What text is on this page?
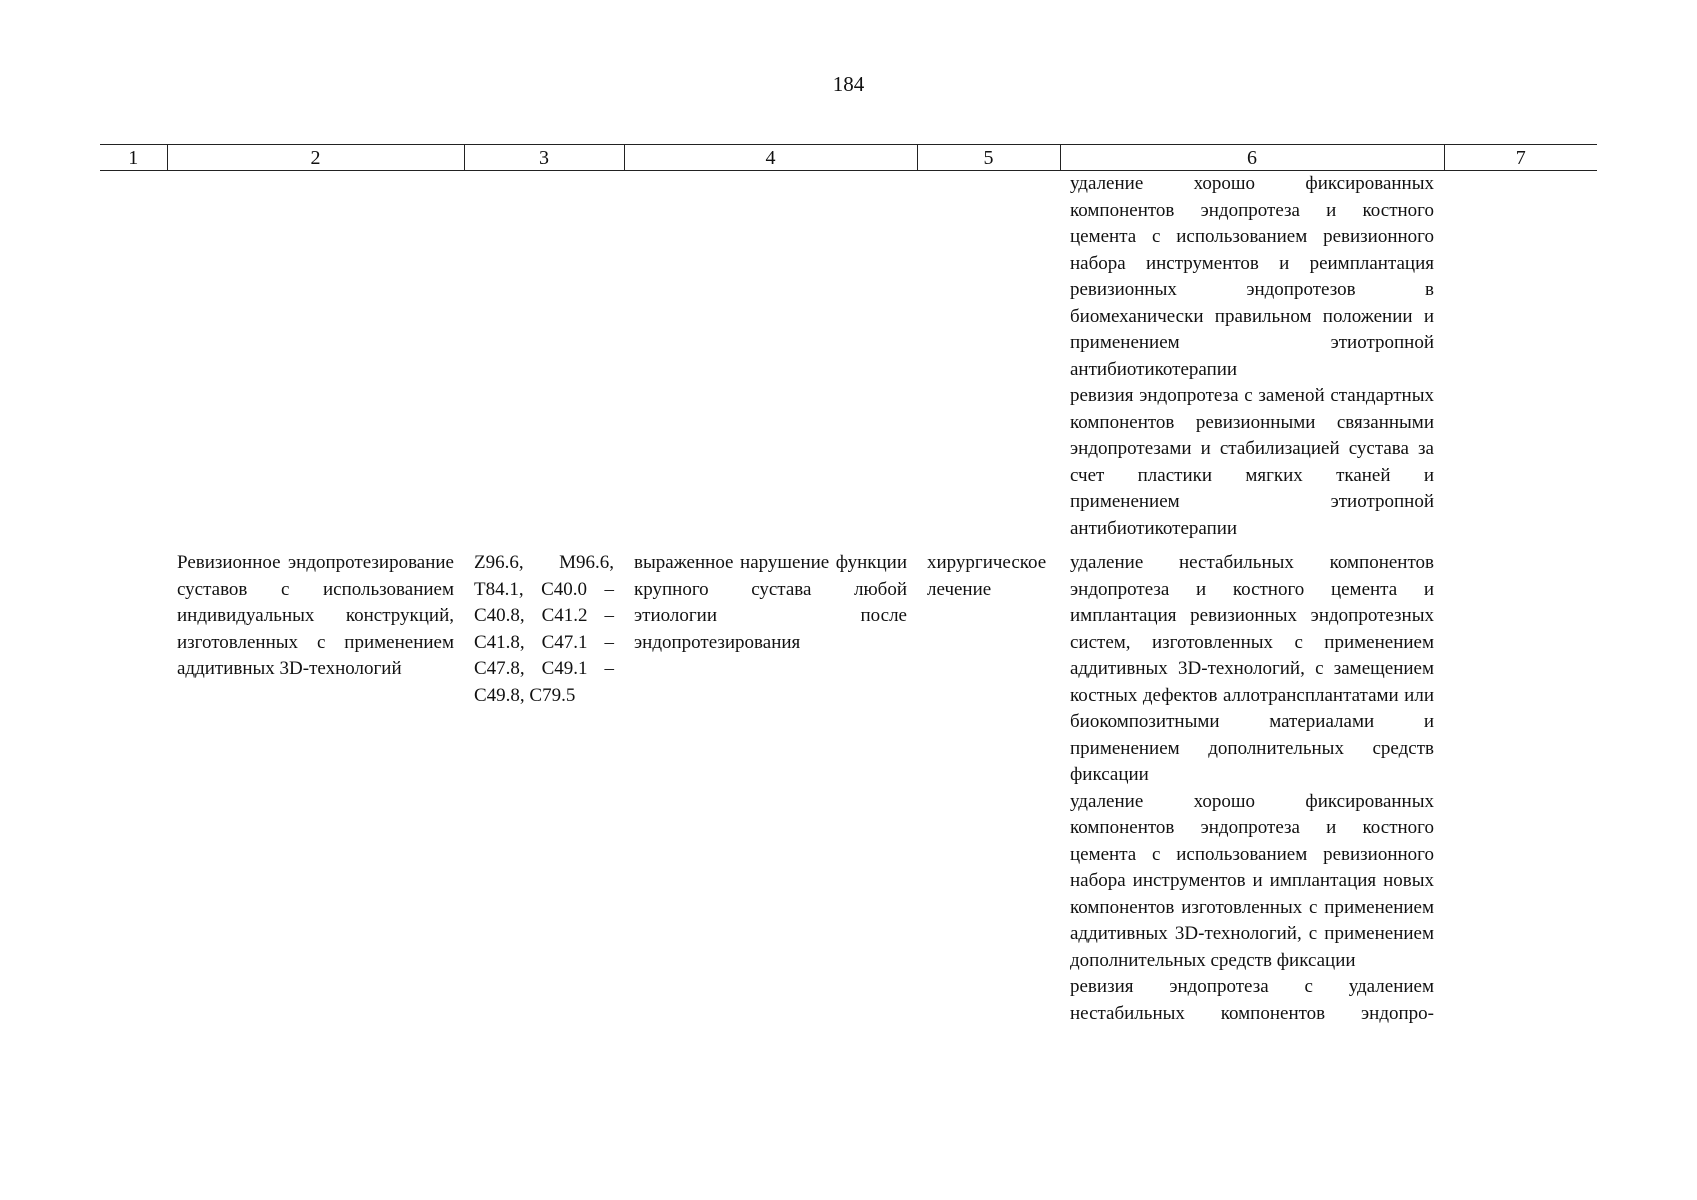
184
1	2	3	4	5	6	7

					удаление хорошо фиксированных компонентов эндопротеза и костного цемента с использованием ревизионного набора инструментов и реимплантация ревизионных эндопротезов в биомеханически правильном положении и применением этиотропной антибиотикотерапии
ревизия эндопротеза с заменой стандартных компонентов ревизионными связанными эндопротезами и стабилизацией сустава за счет пластики мягких тканей и применением этиотропной антибиотикотерапии	

	Ревизионное эндопротезирование суставов с использованием индивидуальных конструкций, изготовленных с применением аддитивных 3D-технологий	Z96.6, M96.6, T84.1, C40.0 – C40.8, C41.2 – C41.8, C47.1 – C47.8, C49.1 – C49.8, C79.5	выраженное нарушение функции крупного сустава любой этиологии после эндопротезирования	хирургическое лечение	удаление нестабильных компонентов эндопротеза и костного цемента и имплантация ревизионных эндопротезных систем, изготовленных с применением аддитивных 3D-технологий, с замещением костных дефектов аллотрансплантатами или биокомпозитными материалами и применением дополнительных средств фиксации
удаление хорошо фиксированных компонентов эндопротеза и костного цемента с использованием ревизионного набора инструментов и имплантация новых компонентов изготовленных с применением аддитивных 3D-технологий, с применением дополнительных средств фиксации
ревизия эндопротеза с удалением нестабильных компонентов эндопро-	
